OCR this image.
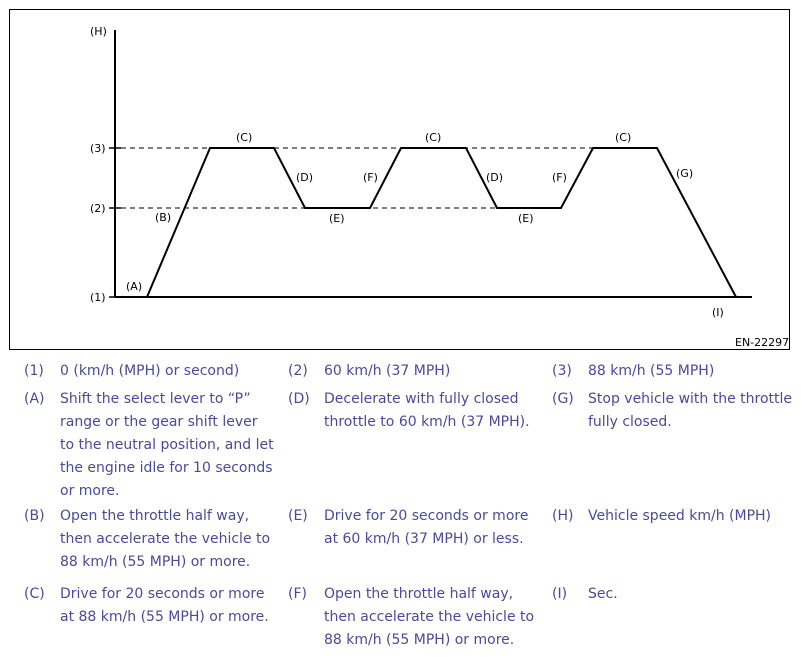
(H)
(3)
(2)
(1)
(A)
(B)
(C)
(D)
(E)
(F)
(C)
(D)
(E)
(F)
(C)
(G)
(I)
EN-22297
(1) 0 (km/h (MPH) or second)	(2) 60 km/h (37 MPH)	(3) 88 km/h (55 MPH)
(A) Shift the select lever to “P”
range or the gear shift lever
to the neutral position, and let
the engine idle for 10 seconds
or more.
(D) Decelerate with fully closed
throttle to 60 km/h (37 MPH).
(G) Stop vehicle with the throttle
fully closed.
(B) Open the throttle half way,
then accelerate the vehicle to
88 km/h (55 MPH) or more.
(E) Drive for 20 seconds or more
at 60 km/h (37 MPH) or less.
(H) Vehicle speed km/h (MPH)
(C) Drive for 20 seconds or more
at 88 km/h (55 MPH) or more.
(F) Open the throttle half way,
then accelerate the vehicle to
88 km/h (55 MPH) or more.
(I) Sec.
